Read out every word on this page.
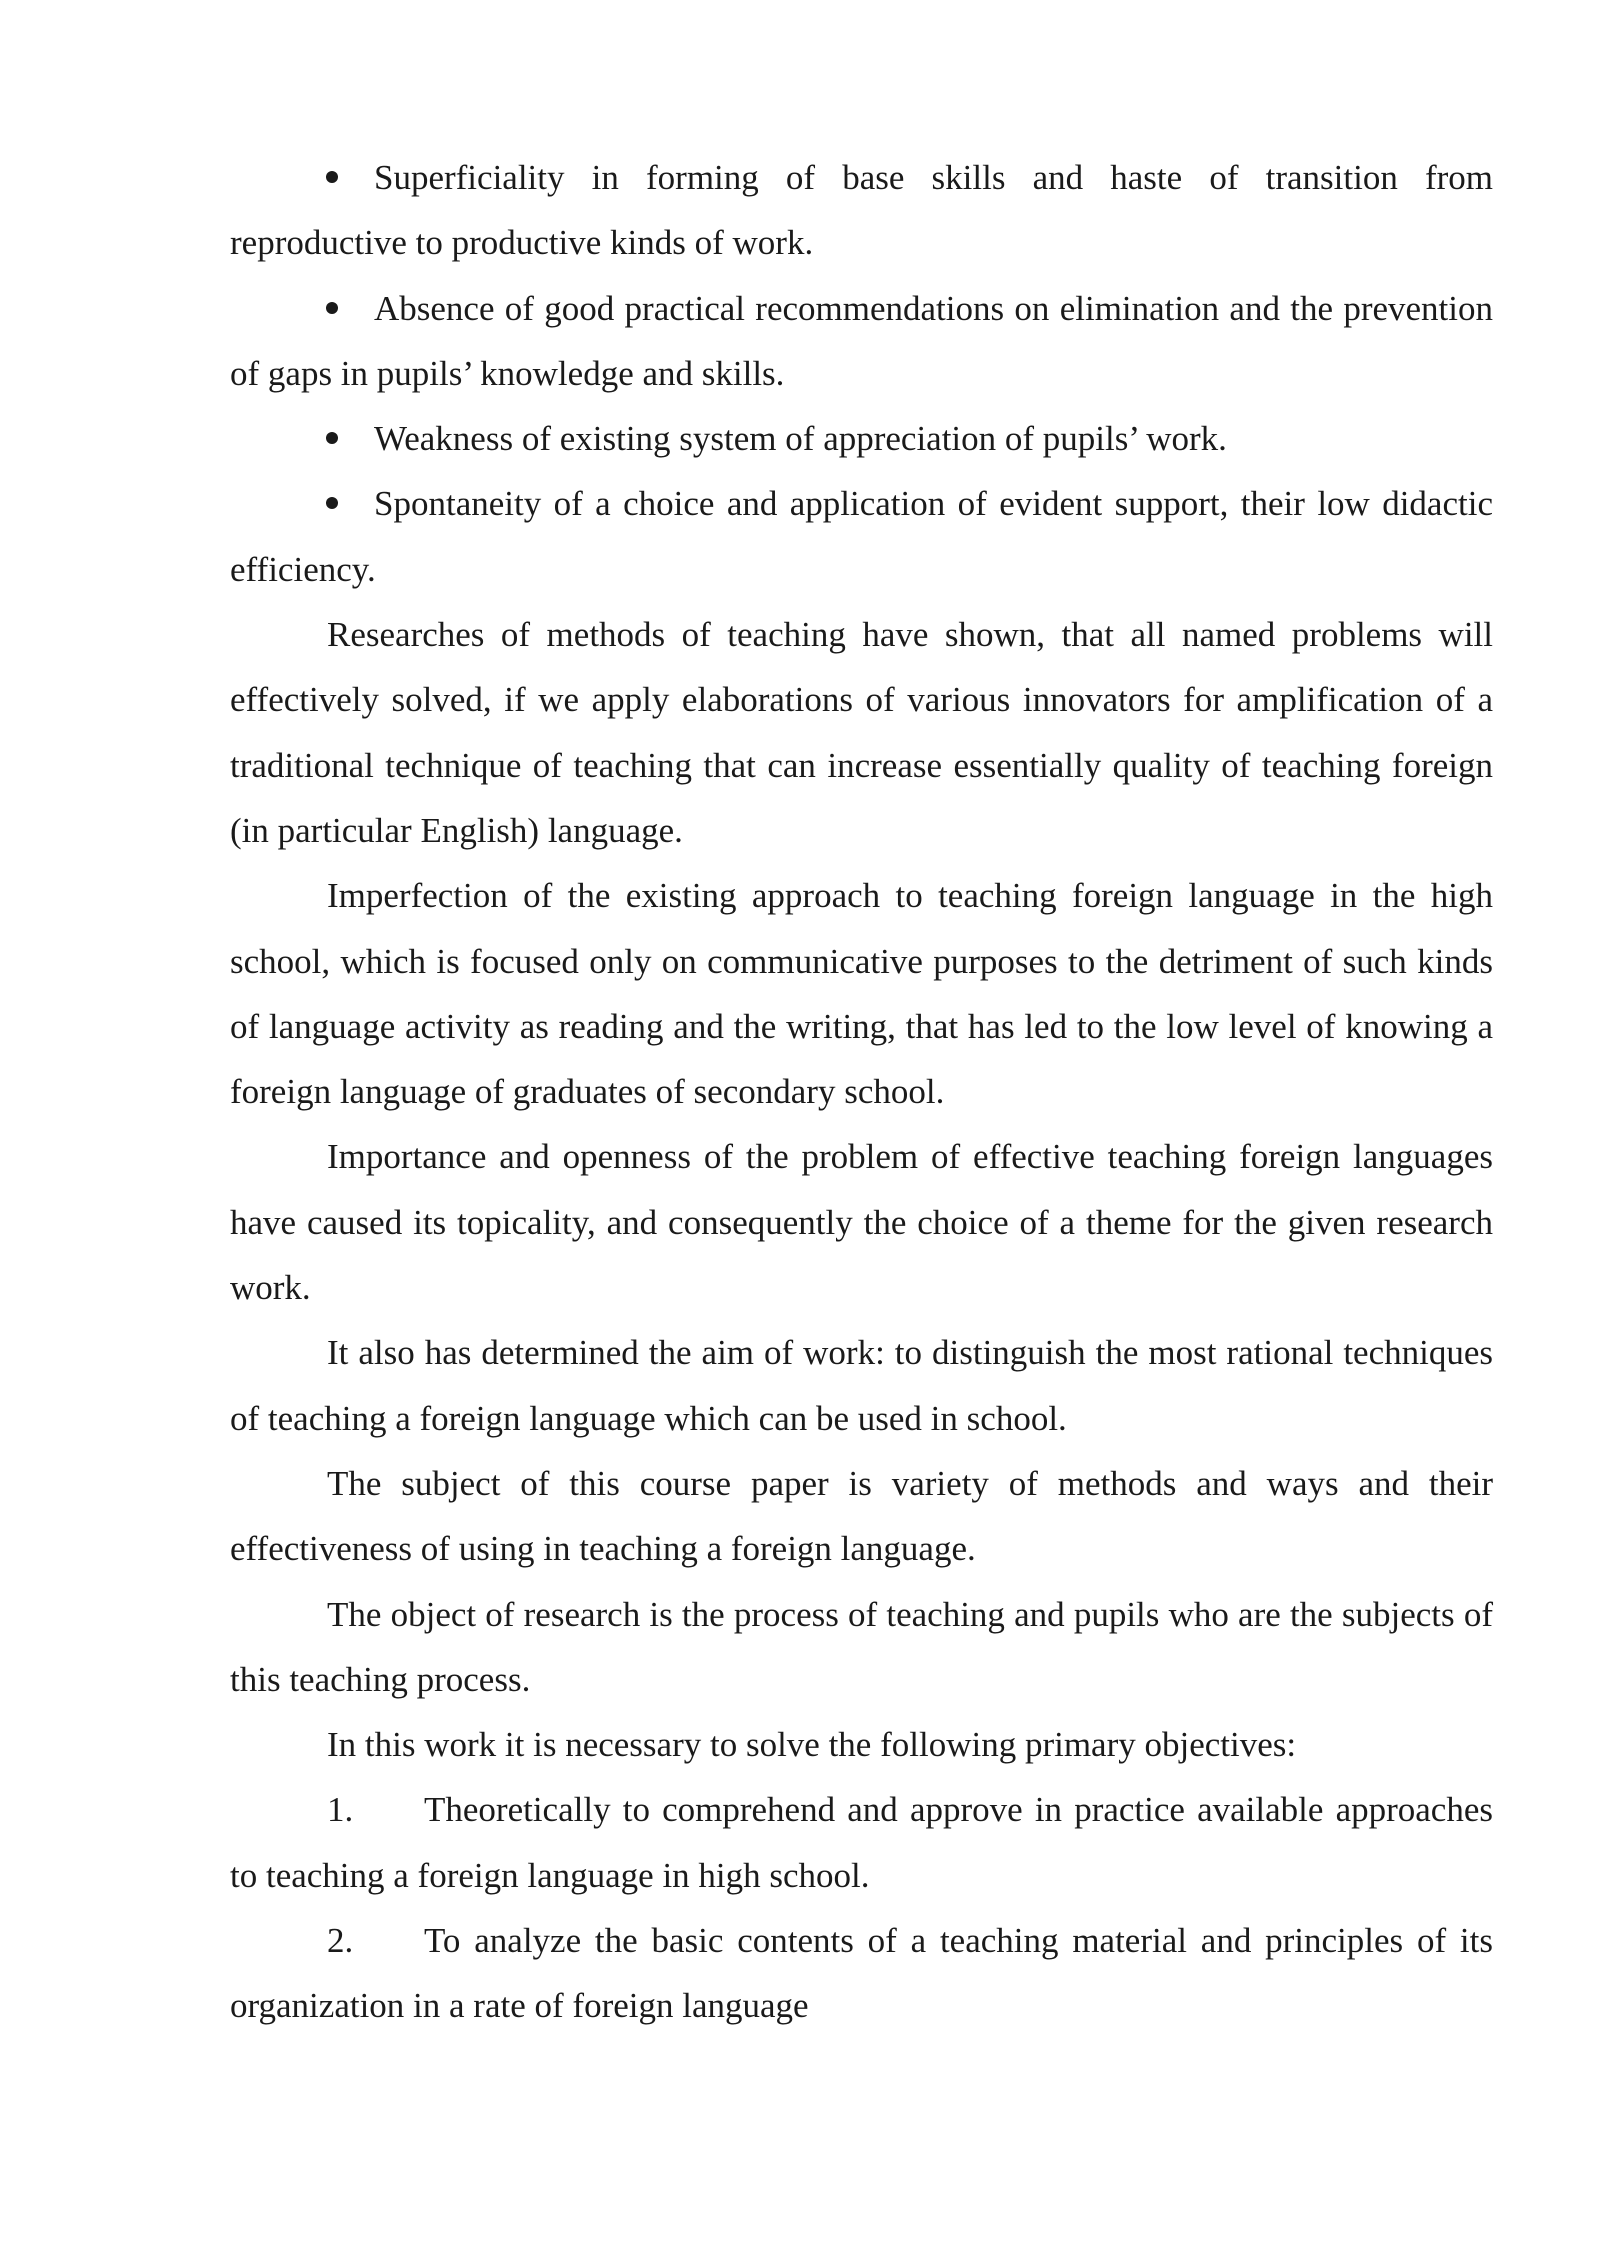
Superficiality in forming of base skills and haste of transition from reproductive to productive kinds of work.

Absence of good practical recommendations on elimination and the prevention of gaps in pupils’ knowledge and skills.

Weakness of existing system of appreciation of pupils’ work.

Spontaneity of a choice and application of evident support, their low didactic efficiency.

Researches of methods of teaching have shown, that all named problems will effectively solved, if we apply elaborations of various innovators for amplification of a traditional technique of teaching that can increase essentially quality of teaching foreign (in particular English) language.

Imperfection of the existing approach to teaching foreign language in the high school, which is focused only on communicative purposes to the detriment of such kinds of language activity as reading and the writing, that has led to the low level of knowing a foreign language of graduates of secondary school.

Importance and openness of the problem of effective teaching foreign languages have caused its topicality, and consequently the choice of a theme for the given research work.

It also has determined the aim of work: to distinguish the most rational techniques of teaching a foreign language which can be used in school.

The subject of this course paper is variety of methods and ways and their effectiveness of using in teaching a foreign language.

The object of research is the process of teaching and pupils who are the subjects of this teaching process.

In this work it is necessary to solve the following primary objectives:

1. Theoretically to comprehend and approve in practice available approaches to teaching a foreign language in high school.

2. To analyze the basic contents of a teaching material and principles of its organization in a rate of foreign language
